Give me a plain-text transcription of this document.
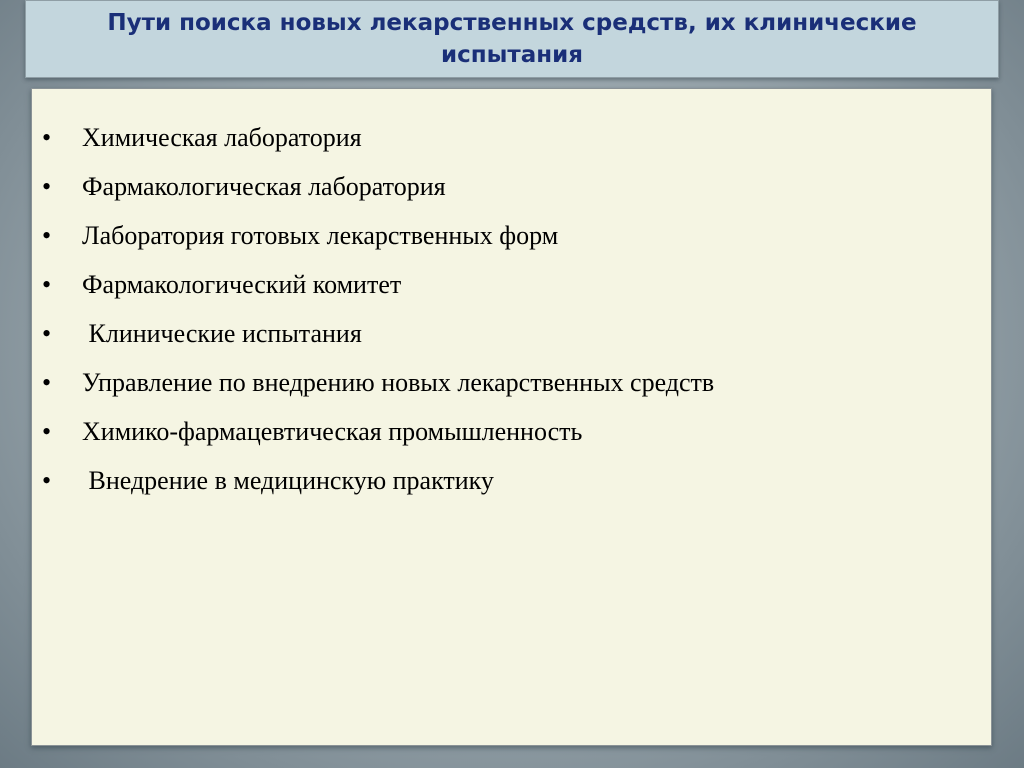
Пути поиска новых лекарственных средств, их клинические испытания
•	Химическая лаборатория
•	Фармакологическая лаборатория
•	Лаборатория готовых лекарственных форм
•	Фармакологический комитет
•	Клинические испытания
•	Управление по внедрению новых лекарственных средств
•	Химико-фармацевтическая промышленность
•	Внедрение в медицинскую практику
